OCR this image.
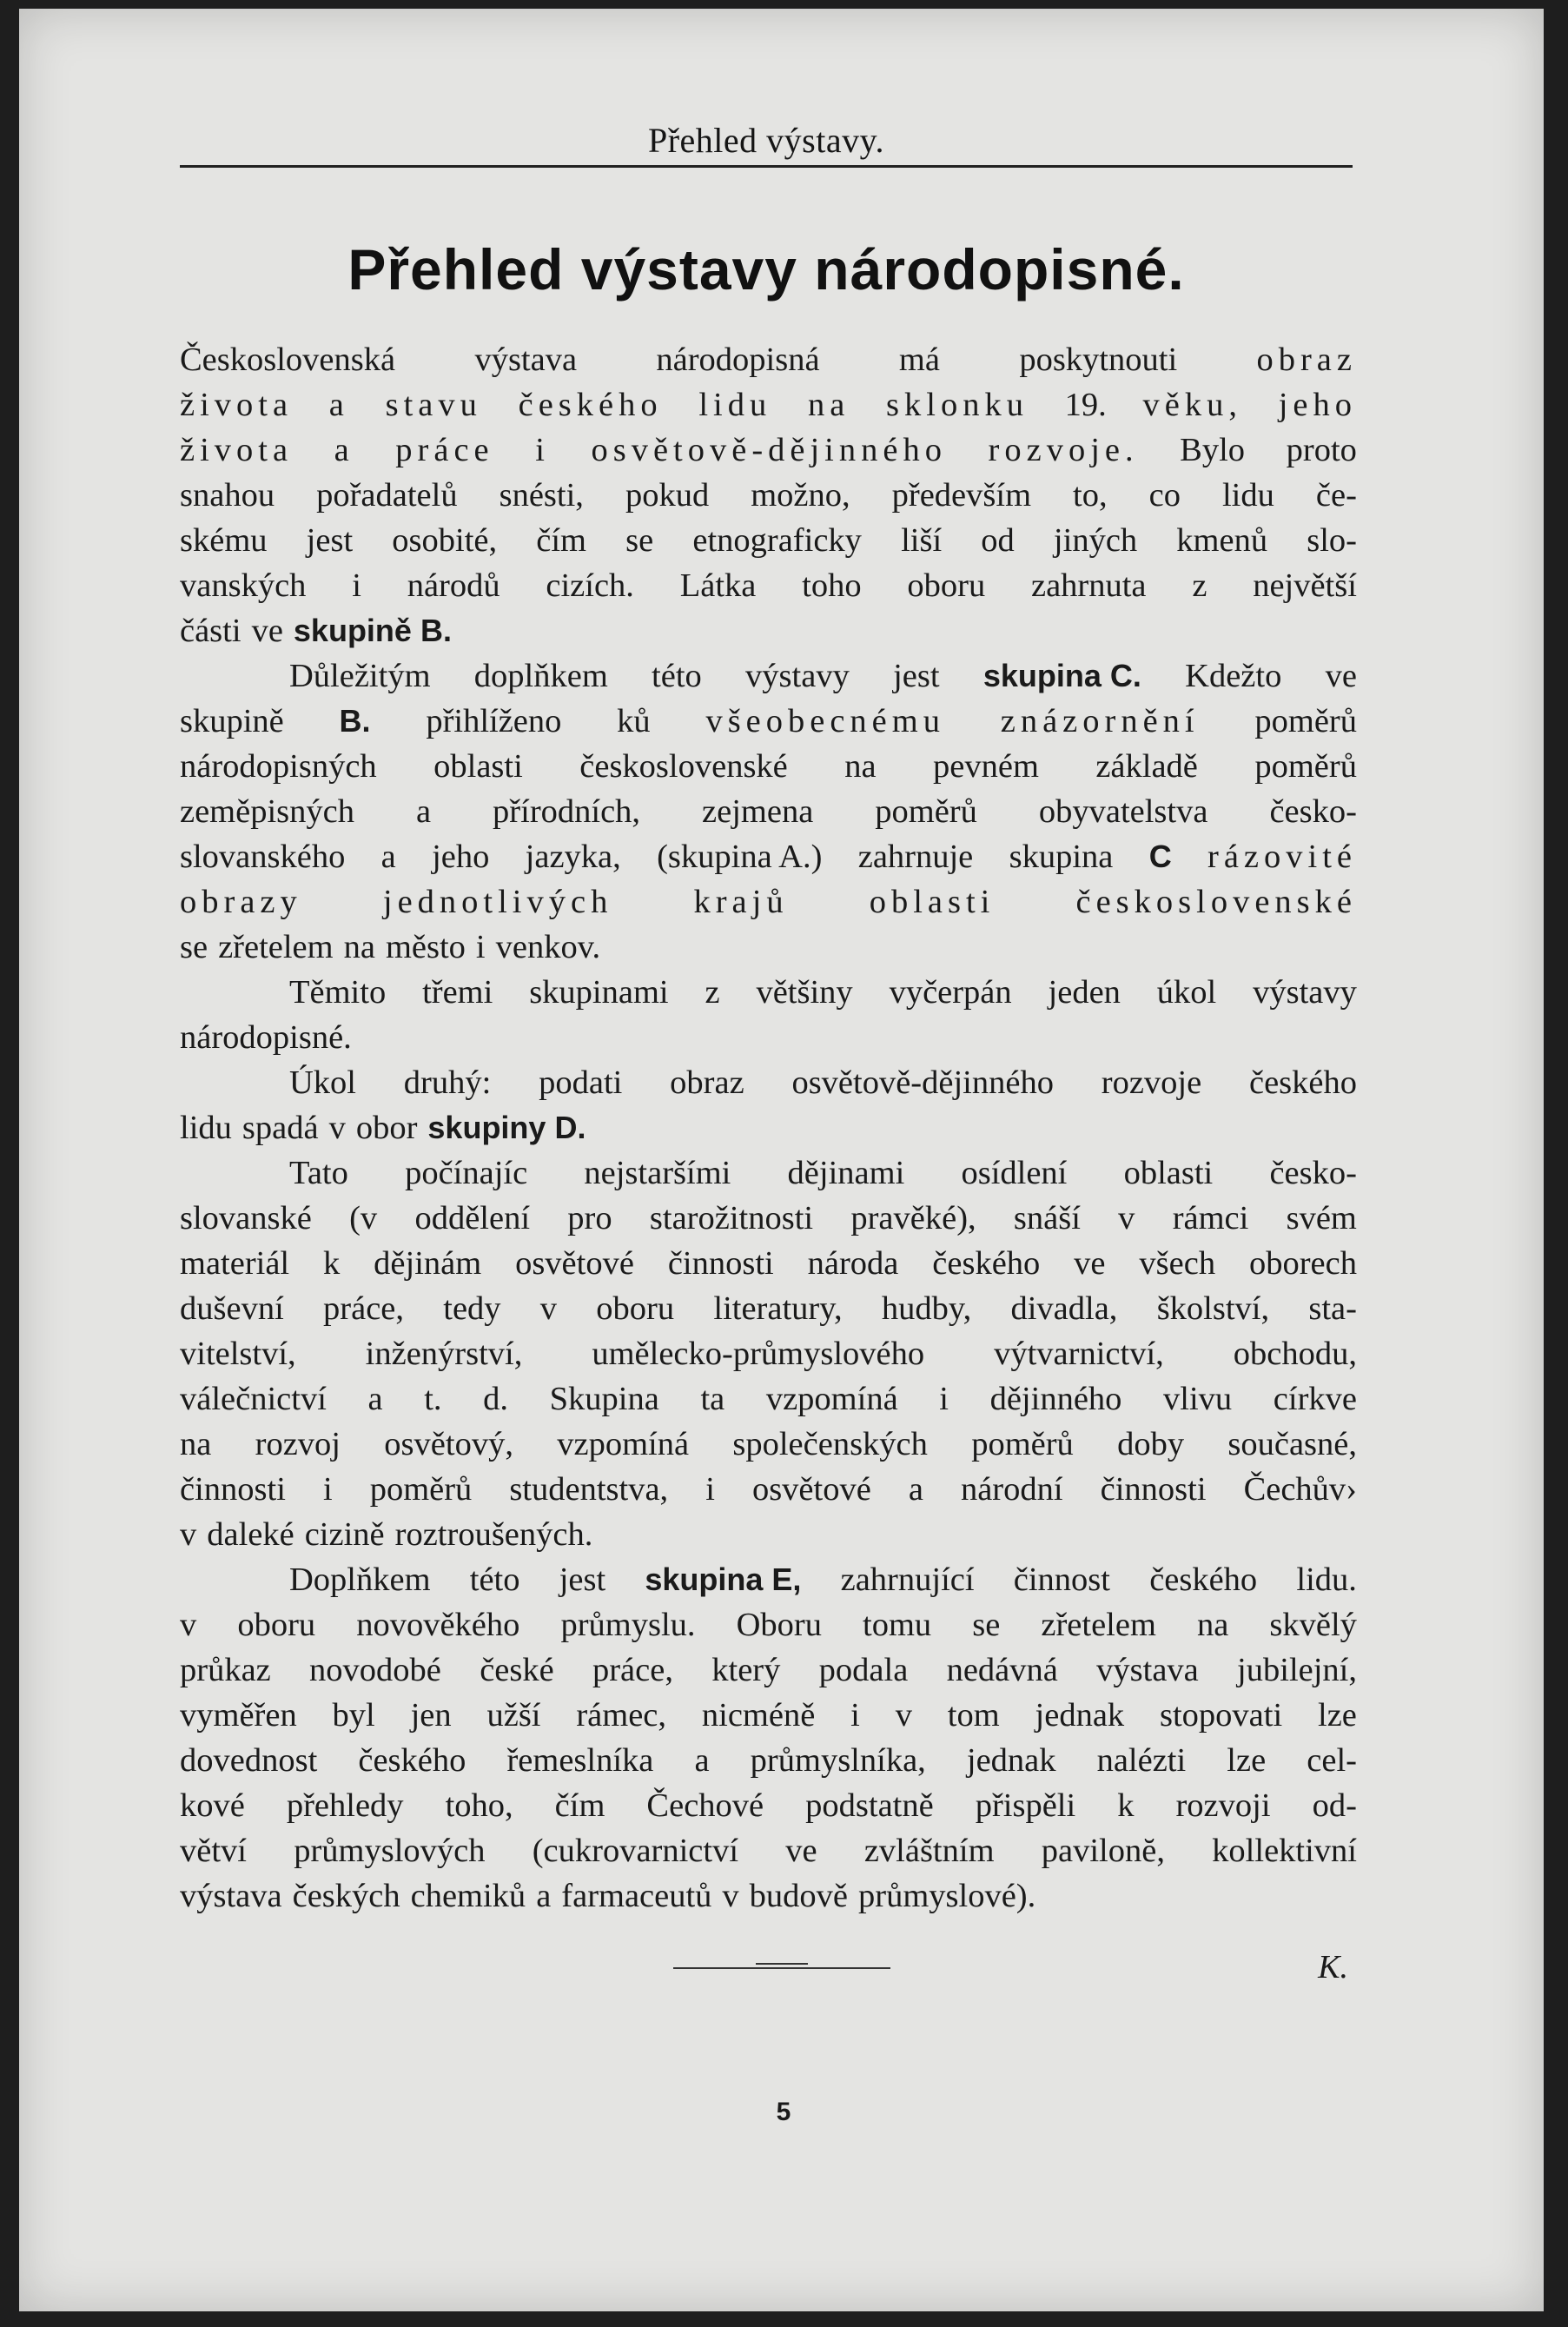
Přehled výstavy.
Přehled výstavy národopisné.
Československá výstava národopisná má poskytnouti obraz
života a stavu českého lidu na sklonku 19. věku, jeho
života a práce i osvětově-dějinného rozvoje. Bylo proto
snahou pořadatelů snésti, pokud možno, především to, co lidu če-
skému jest osobité, čím se etnograficky liší od jiných kmenů slo-
vanských i národů cizích. Látka toho oboru zahrnuta z největší
části ve skupině B.
Důležitým doplňkem této výstavy jest skupina C. Kdežto ve
skupině B. přihlíženo ků všeobecnému znázornění poměrů
národopisných oblasti československé na pevném základě poměrů
zeměpisných a přírodních, zejmena poměrů obyvatelstva česko-
slovanského a jeho jazyka, (skupina A.) zahrnuje skupina C rázovité
obrazy jednotlivých krajů oblasti československé
se zřetelem na město i venkov.
Těmito třemi skupinami z většiny vyčerpán jeden úkol výstavy
národopisné.
Úkol druhý: podati obraz osvětově-dějinného rozvoje českého
lidu spadá v obor skupiny D.
Tato počínajíc nejstaršími dějinami osídlení oblasti česko-
slovanské (v oddělení pro starožitnosti pravěké), snáší v rámci svém
materiál k dějinám osvětové činnosti národa českého ve všech oborech
duševní práce, tedy v oboru literatury, hudby, divadla, školství, sta-
vitelství, inženýrství, umělecko-průmyslového výtvarnictví, obchodu,
válečnictví a t. d. Skupina ta vzpomíná i dějinného vlivu církve
na rozvoj osvětový, vzpomíná společenských poměrů doby současné,
činnosti i poměrů studentstva, i osvětové a národní činnosti Čechův›
v daleké cizině roztroušených.
Doplňkem této jest skupina E, zahrnující činnost českého lidu.
v oboru novověkého průmyslu. Oboru tomu se zřetelem na skvělý
průkaz novodobé české práce, který podala nedávná výstava jubilejní,
vyměřen byl jen užší rámec, nicméně i v tom jednak stopovati lze
dovednost českého řemeslníka a průmyslníka, jednak nalézti lze cel-
kové přehledy toho, čím Čechové podstatně přispěli k rozvoji od-
větví průmyslových (cukrovarnictví ve zvláštním pavilonĕ, kollektivní
výstava českých chemiků a farmaceutů v budově průmyslové).
K.
5
